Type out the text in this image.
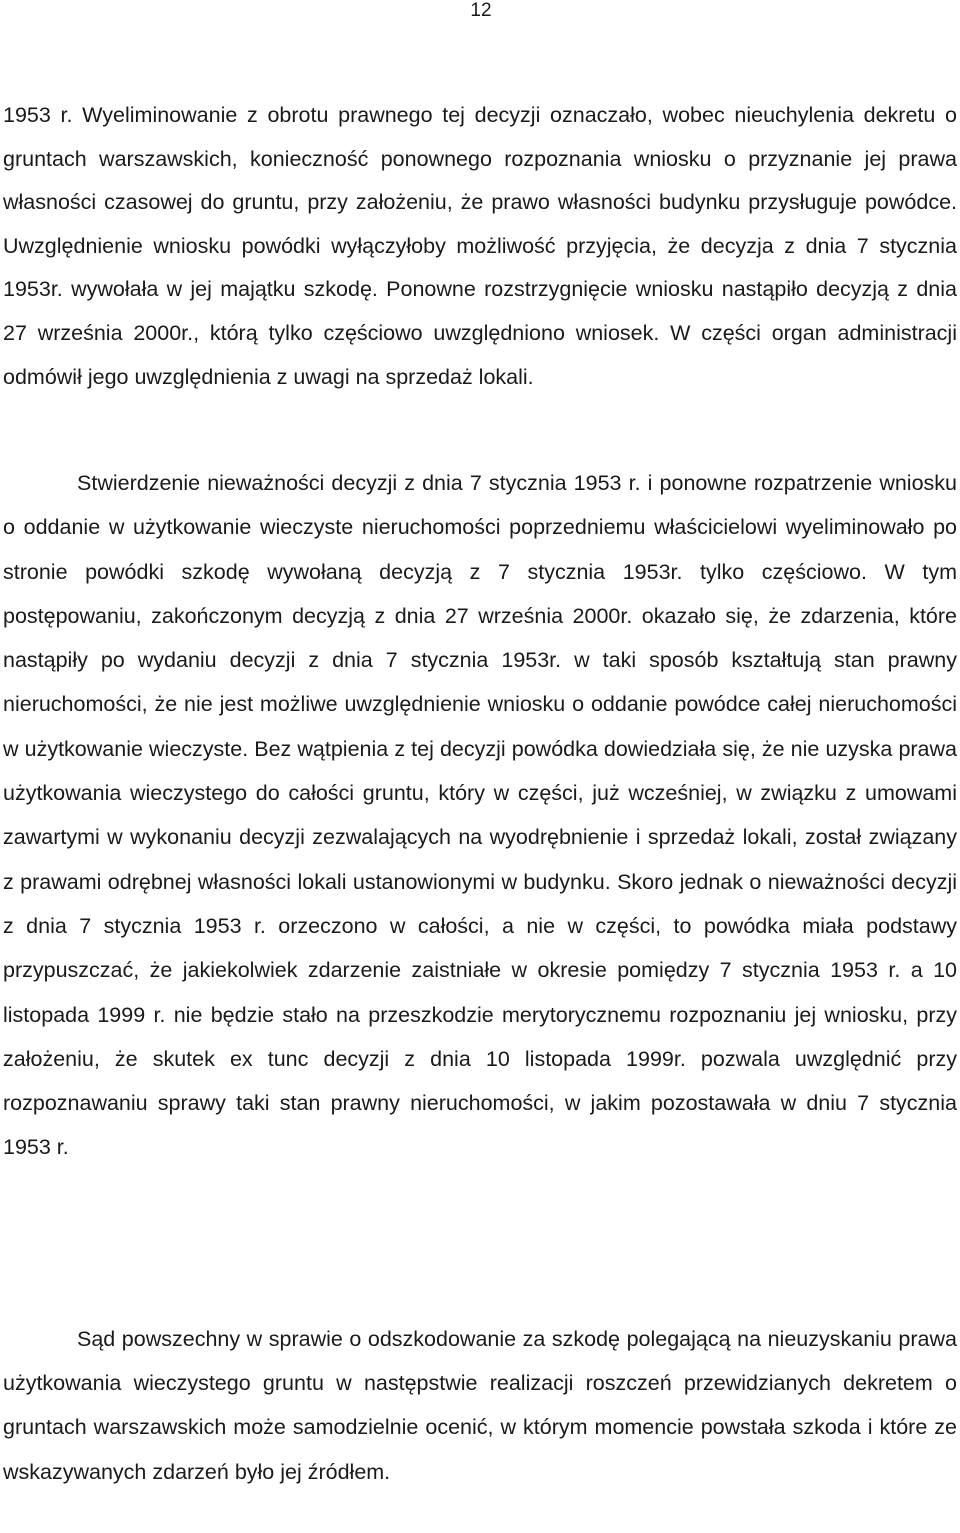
12

1953 r. Wyeliminowanie z obrotu prawnego tej decyzji oznaczało, wobec nieuchylenia dekretu o gruntach warszawskich, konieczność ponownego rozpoznania wniosku o przyznanie jej prawa własności czasowej do gruntu, przy założeniu, że prawo własności budynku przysługuje powódce. Uwzględnienie wniosku powódki wyłączyłoby możliwość przyjęcia, że decyzja z dnia 7 stycznia 1953r. wywołała w jej majątku szkodę. Ponowne rozstrzygnięcie wniosku nastąpiło decyzją z dnia 27 września 2000r., którą tylko częściowo uwzględniono wniosek. W części organ administracji odmówił jego uwzględnienia z uwagi na sprzedaż lokali.

Stwierdzenie nieważności decyzji z dnia 7 stycznia 1953 r. i ponowne rozpatrzenie wniosku o oddanie w użytkowanie wieczyste nieruchomości poprzedniemu właścicielowi wyeliminowało po stronie powódki szkodę wywołaną decyzją z 7 stycznia 1953r. tylko częściowo. W tym postępowaniu, zakończonym decyzją z dnia 27 września 2000r. okazało się, że zdarzenia, które nastąpiły po wydaniu decyzji z dnia 7 stycznia 1953r. w taki sposób kształtują stan prawny nieruchomości, że nie jest możliwe uwzględnienie wniosku o oddanie powódce całej nieruchomości w użytkowanie wieczyste. Bez wątpienia z tej decyzji powódka dowiedziała się, że nie uzyska prawa użytkowania wieczystego do całości gruntu, który w części, już wcześniej, w związku z umowami zawartymi w wykonaniu decyzji zezwalających na wyodrębnienie i sprzedaż lokali, został związany z prawami odrębnej własności lokali ustanowionymi w budynku. Skoro jednak o nieważności decyzji z dnia 7 stycznia 1953 r. orzeczono w całości, a nie w części, to powódka miała podstawy przypuszczać, że jakiekolwiek zdarzenie zaistniałe w okresie pomiędzy 7 stycznia 1953 r. a 10 listopada 1999 r. nie będzie stało na przeszkodzie merytorycznemu rozpoznaniu jej wniosku, przy założeniu, że skutek ex tunc decyzji z dnia 10 listopada 1999r. pozwala uwzględnić przy rozpoznawaniu sprawy taki stan prawny nieruchomości, w jakim pozostawała w dniu 7 stycznia 1953 r.

Sąd powszechny w sprawie o odszkodowanie za szkodę polegającą na nieuzyskaniu prawa użytkowania wieczystego gruntu w następstwie realizacji roszczeń przewidzianych dekretem o gruntach warszawskich może samodzielnie ocenić, w którym momencie powstała szkoda i które ze wskazywanych zdarzeń było jej źródłem.
